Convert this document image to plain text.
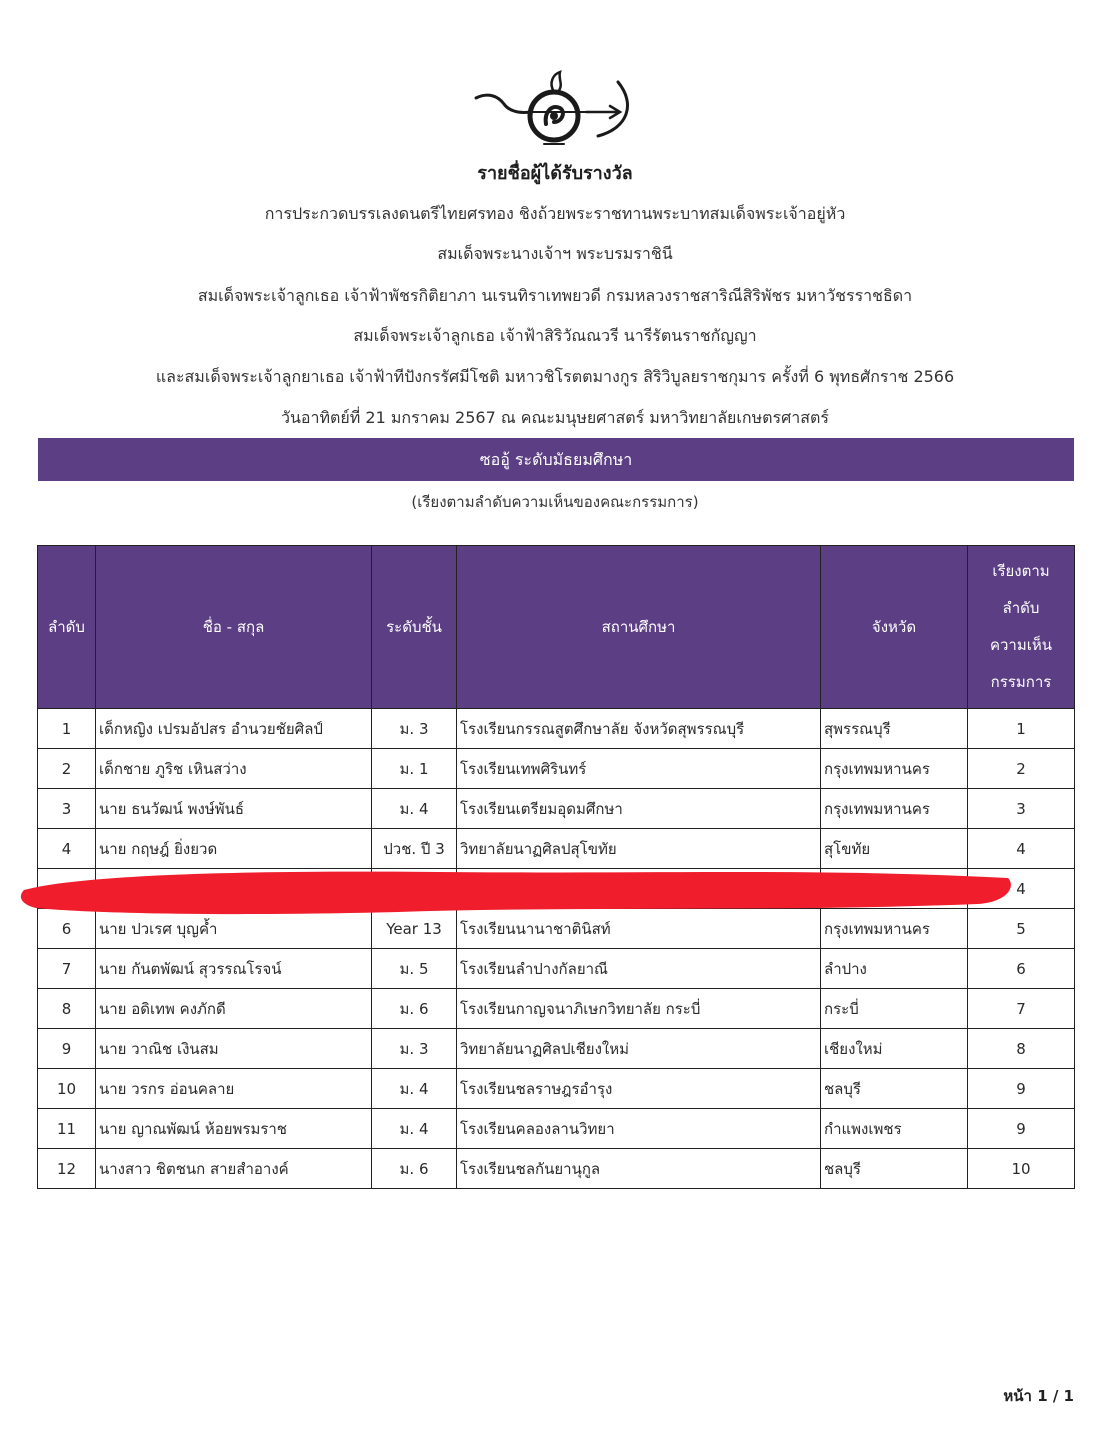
รายชื่อผู้ได้รับรางวัล
การประกวดบรรเลงดนตรีไทยศรทอง ชิงถ้วยพระราชทานพระบาทสมเด็จพระเจ้าอยู่หัว
สมเด็จพระนางเจ้าฯ พระบรมราชินี
สมเด็จพระเจ้าลูกเธอ เจ้าฟ้าพัชรกิติยาภา นเรนทิราเทพยวดี กรมหลวงราชสาริณีสิริพัชร มหาวัชรราชธิดา
สมเด็จพระเจ้าลูกเธอ เจ้าฟ้าสิริวัณณวรี นารีรัตนราชกัญญา
และสมเด็จพระเจ้าลูกยาเธอ เจ้าฟ้าทีปังกรรัศมีโชติ มหาวชิโรตตมางกูร สิริวิบูลยราชกุมาร ครั้งที่ 6 พุทธศักราช 2566
วันอาทิตย์ที่ 21 มกราคม 2567 ณ คณะมนุษยศาสตร์ มหาวิทยาลัยเกษตรศาสตร์
ซออู้ ระดับมัธยมศึกษา
(เรียงตามลำดับความเห็นของคณะกรรมการ)
ลำดับ	ชื่อ - สกุล	ระดับชั้น	สถานศึกษา	จังหวัด	เรียงตาม
ลำดับ
ความเห็น
กรรมการ

1	เด็กหญิง เปรมอัปสร อำนวยชัยศิลป์	ม. 3	โรงเรียนกรรณสูตศึกษาลัย จังหวัดสุพรรณบุรี	สุพรรณบุรี	1
2	เด็กชาย ภูริช เหินสว่าง	ม. 1	โรงเรียนเทพศิรินทร์	กรุงเทพมหานคร	2
3	นาย ธนวัฒน์ พงษ์พันธ์	ม. 4	โรงเรียนเตรียมอุดมศึกษา	กรุงเทพมหานคร	3
4	นาย กฤษฎ์ ยิ่งยวด	ปวช. ปี 3	วิทยาลัยนาฏศิลปสุโขทัย	สุโขทัย	4
					4
6	นาย ปวเรศ บุญค้ำ	Year 13	โรงเรียนนานาชาตินิสท์	กรุงเทพมหานคร	5
7	นาย กันตพัฒน์ สุวรรณโรจน์	ม. 5	โรงเรียนลำปางกัลยาณี	ลำปาง	6
8	นาย อดิเทพ คงภักดี	ม. 6	โรงเรียนกาญจนาภิเษกวิทยาลัย กระบี่	กระบี่	7
9	นาย วาณิช เงินสม	ม. 3	วิทยาลัยนาฏศิลปเชียงใหม่	เชียงใหม่	8
10	นาย วรกร อ่อนคลาย	ม. 4	โรงเรียนชลราษฎรอำรุง	ชลบุรี	9
11	นาย ญาณพัฒน์ ห้อยพรมราช	ม. 4	โรงเรียนคลองลานวิทยา	กำแพงเพชร	9
12	นางสาว ชิตชนก สายสำอางค์	ม. 6	โรงเรียนชลกันยานุกูล	ชลบุรี	10
หน้า 1 / 1
